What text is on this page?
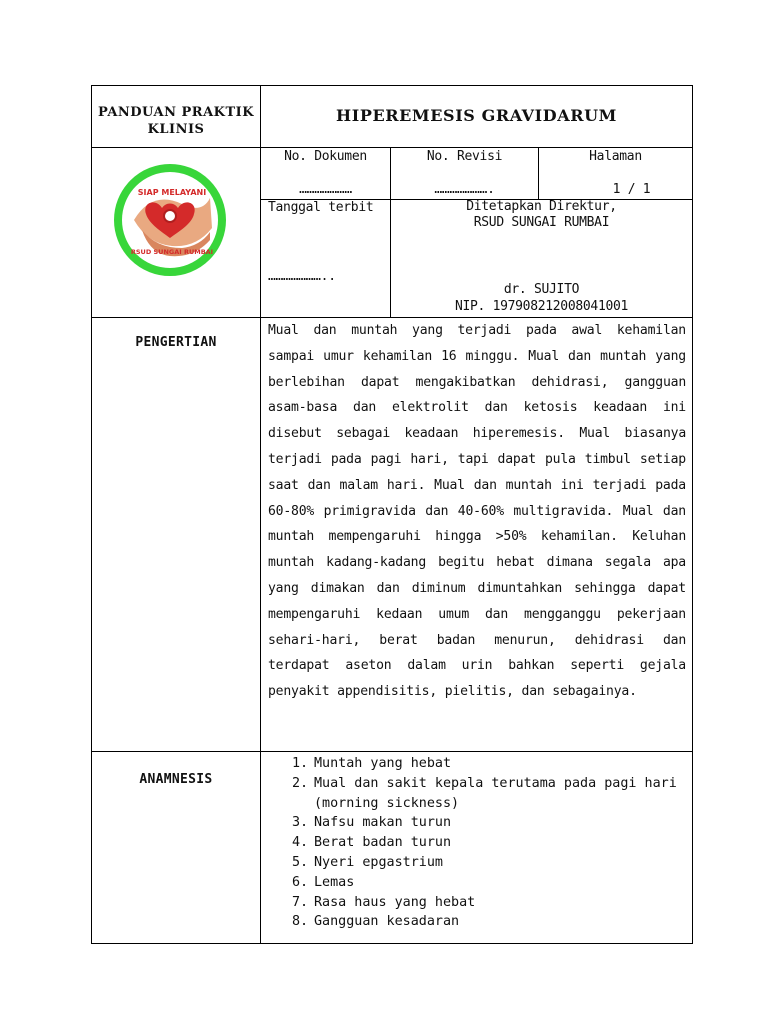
PANDUAN PRAKTIK KLINIS
HIPEREMESIS GRAVIDARUM
SIAP MELAYANI
RSUD SUNGAI RUMBAI
No. Dokumen
…………………
No. Revisi
………………….
Halaman
1 / 1
Tanggal terbit
…………………..
Ditetapkan Direktur,
RSUD SUNGAI RUMBAI
dr. SUJITO
NIP. 197908212008041001
PENGERTIAN

Mual dan muntah yang terjadi pada awal kehamilan sampai umur kehamilan 16 minggu. Mual dan muntah yang berlebihan dapat mengakibatkan dehidrasi, gangguan asam-basa dan elektrolit dan ketosis keadaan ini disebut sebagai keadaan hiperemesis. Mual biasanya terjadi pada pagi hari, tapi dapat pula timbul setiap saat dan malam hari. Mual dan muntah ini terjadi pada 60-80% primigravida dan 40-60% multigravida. Mual dan muntah mempengaruhi hingga >50% kehamilan. Keluhan muntah kadang-kadang begitu hebat dimana segala apa yang dimakan dan diminum dimuntahkan sehingga dapat mempengaruhi kedaan umum dan mengganggu pekerjaan sehari-hari, berat badan menurun, dehidrasi dan terdapat aseton dalam urin bahkan seperti gejala penyakit appendisitis, pielitis, dan sebagainya.

ANAMNESIS
1. Muntah yang hebat
2. Mual dan sakit kepala terutama pada pagi hari (morning sickness)
3. Nafsu makan turun
4. Berat badan turun
5. Nyeri epgastrium
6. Lemas
7. Rasa haus yang hebat
8. Gangguan kesadaran
